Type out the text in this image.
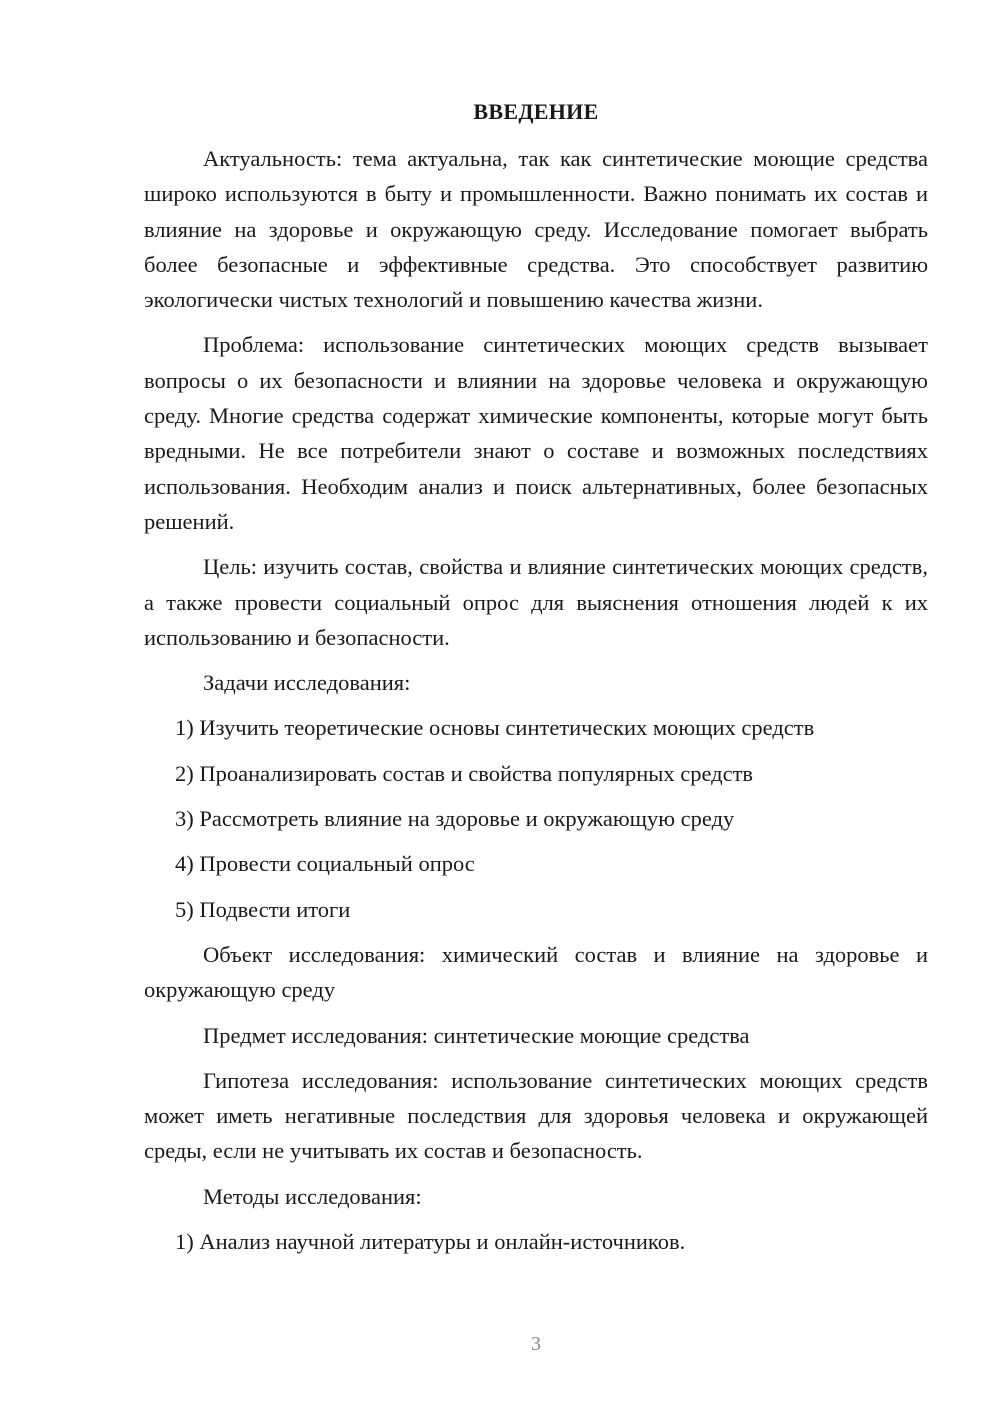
ВВЕДЕНИЕ

Актуальность: тема актуальна, так как синтетические моющие средства широко используются в быту и промышленности. Важно понимать их состав и влияние на здоровье и окружающую среду. Исследование помогает выбрать более безопасные и эффективные средства. Это способствует развитию экологически чистых технологий и повышению качества жизни.

Проблема: использование синтетических моющих средств вызывает вопросы о их безопасности и влиянии на здоровье человека и окружающую среду. Многие средства содержат химические компоненты, которые могут быть вредными. Не все потребители знают о составе и возможных последствиях использования. Необходим анализ и поиск альтернативных, более безопасных решений.

Цель: изучить состав, свойства и влияние синтетических моющих средств, а также провести социальный опрос для выяснения отношения людей к их использованию и безопасности.

Задачи исследования:

1) Изучить теоретические основы синтетических моющих средств

2) Проанализировать состав и свойства популярных средств

3) Рассмотреть влияние на здоровье и окружающую среду

4) Провести социальный опрос

5) Подвести итоги

Объект исследования: химический состав и влияние на здоровье и окружающую среду

Предмет исследования: синтетические моющие средства

Гипотеза исследования: использование синтетических моющих средств может иметь негативные последствия для здоровья человека и окружающей среды, если не учитывать их состав и безопасность.

Методы исследования:

1) Анализ научной литературы и онлайн-источников.

3
